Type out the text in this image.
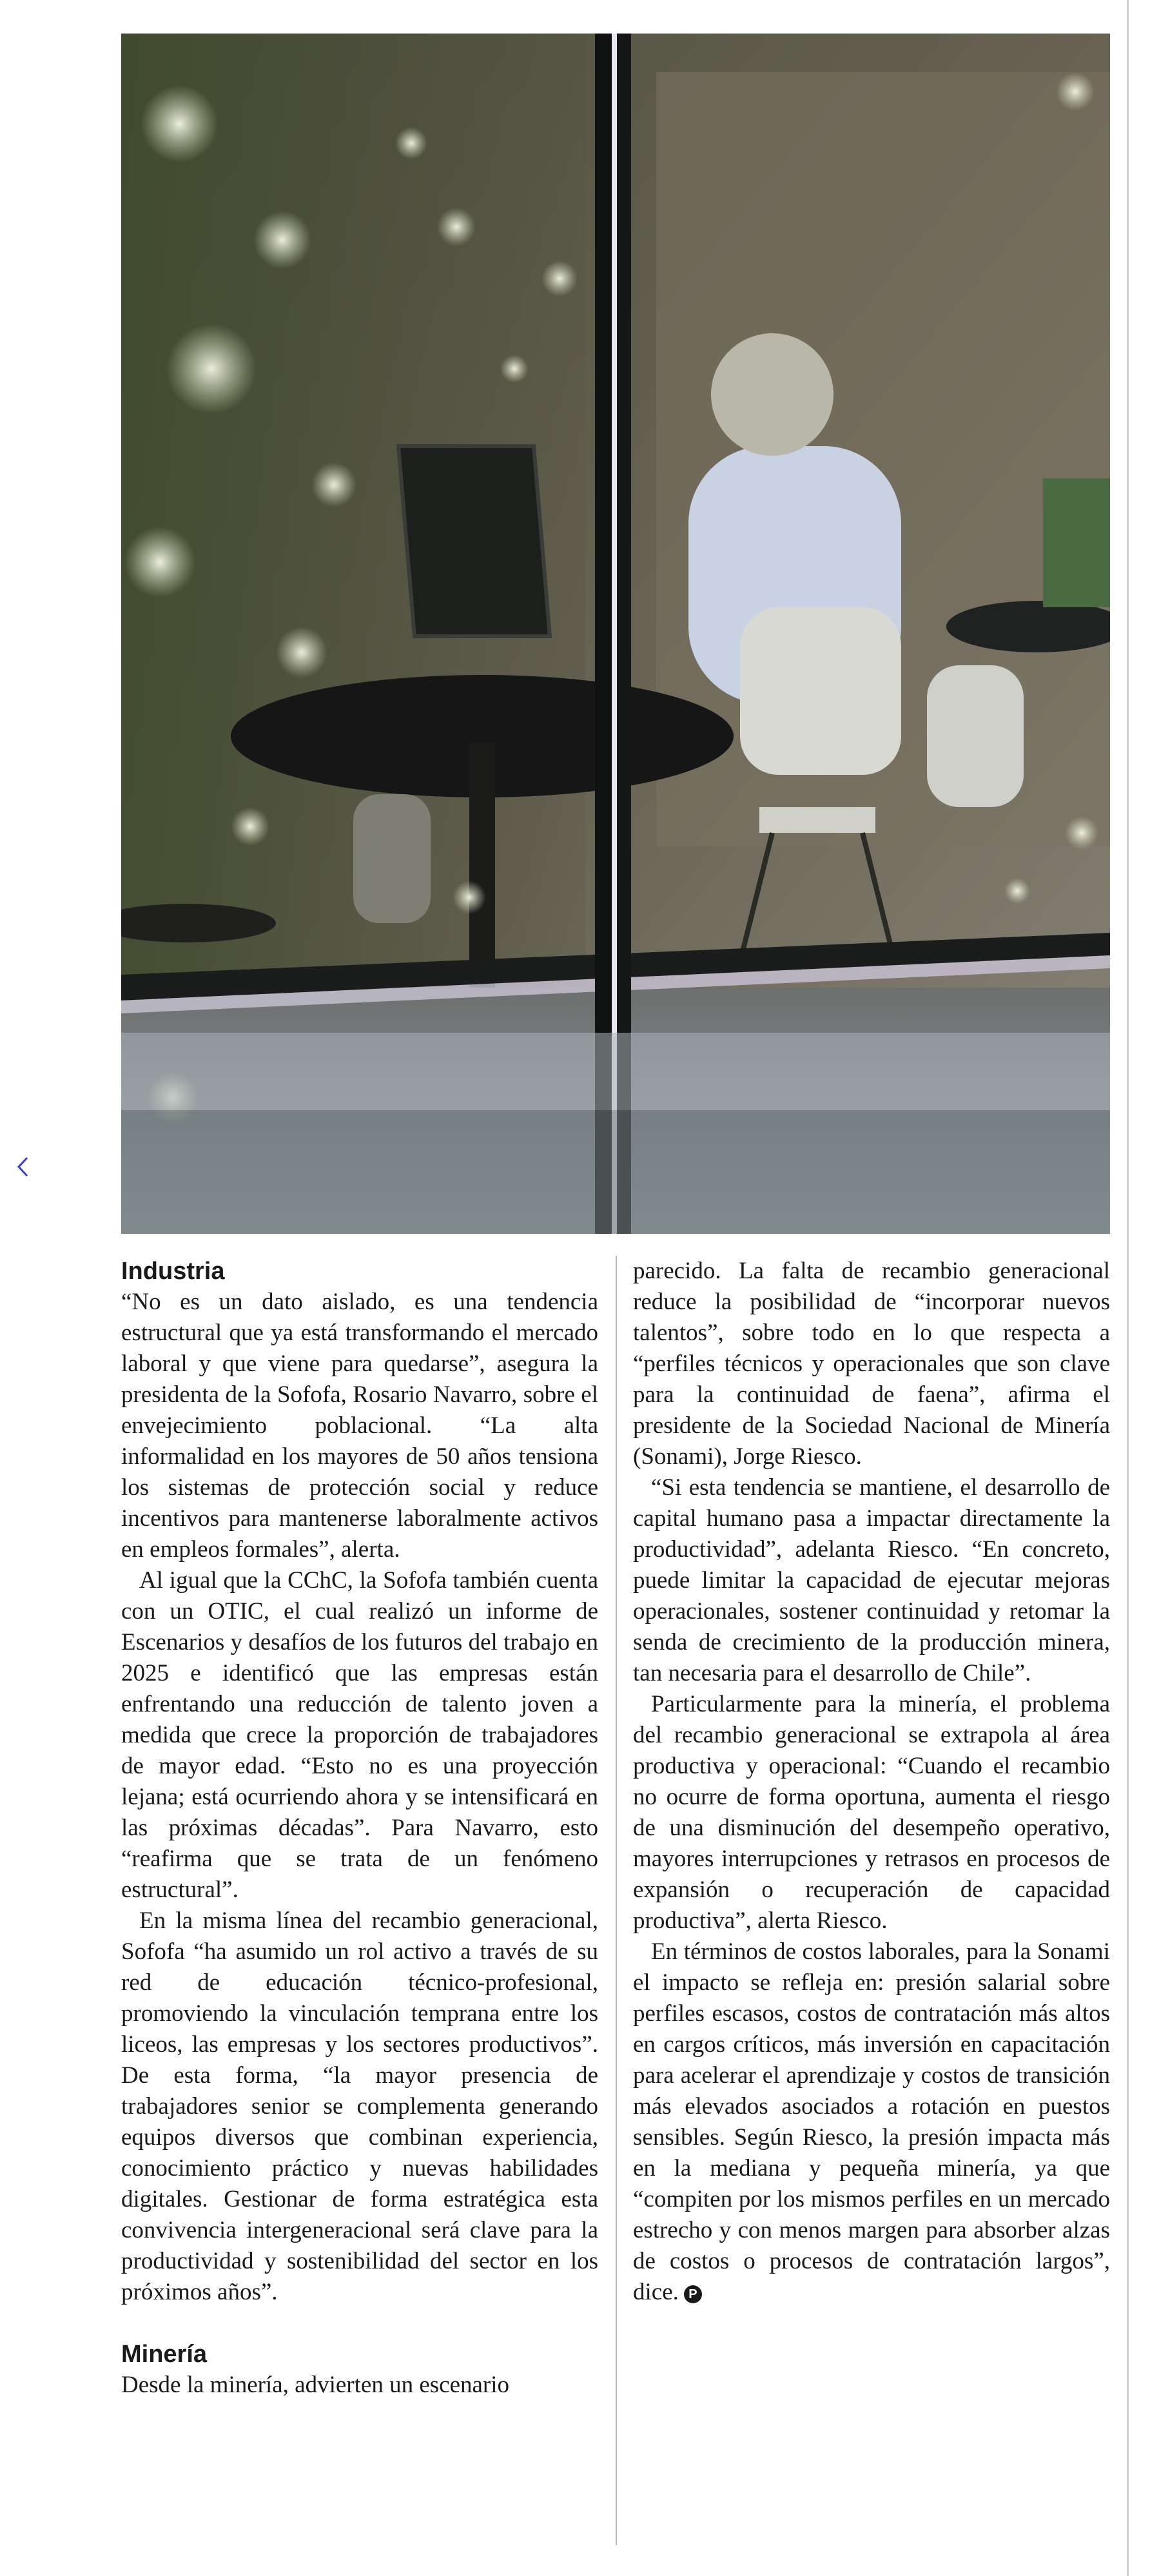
Industria

“No es un dato aislado, es una tendencia estructural que ya está transformando el mercado laboral y que viene para quedarse”, asegura la presidenta de la Sofofa, Rosario Navarro, sobre el envejecimiento poblacional. “La alta informalidad en los mayores de 50 años tensiona los sistemas de protección social y reduce incentivos para mantenerse laboralmente activos en empleos formales”, alerta.

Al igual que la CChC, la Sofofa también cuenta con un OTIC, el cual realizó un informe de Escenarios y desafíos de los futuros del trabajo en 2025 e identificó que las empresas están enfrentando una reducción de talento joven a medida que crece la proporción de trabajadores de mayor edad. “Esto no es una proyección lejana; está ocurriendo ahora y se intensificará en las próximas décadas”. Para Navarro, esto “reafirma que se trata de un fenómeno estructural”.

En la misma línea del recambio generacional, Sofofa “ha asumido un rol activo a través de su red de educación técnico-profesional, promoviendo la vinculación temprana entre los liceos, las empresas y los sectores productivos”. De esta forma, “la mayor presencia de trabajadores senior se complementa generando equipos diversos que combinan experiencia, conocimiento práctico y nuevas habilidades digitales. Gestionar de forma estratégica esta convivencia intergeneracional será clave para la productividad y sostenibilidad del sector en los próximos años”.

Minería

Desde la minería, advierten un escenario

parecido. La falta de recambio generacional reduce la posibilidad de “incorporar nuevos talentos”, sobre todo en lo que respecta a “perfiles técnicos y operacionales que son clave para la continuidad de faena”, afirma el presidente de la Sociedad Nacional de Minería (Sonami), Jorge Riesco.

“Si esta tendencia se mantiene, el desarrollo de capital humano pasa a impactar directamente la productividad”, adelanta Riesco. “En concreto, puede limitar la capacidad de ejecutar mejoras operacionales, sostener continuidad y retomar la senda de crecimiento de la producción minera, tan necesaria para el desarrollo de Chile”.

Particularmente para la minería, el problema del recambio generacional se extrapola al área productiva y operacional: “Cuando el recambio no ocurre de forma oportuna, aumenta el riesgo de una disminución del desempeño operativo, mayores interrupciones y retrasos en procesos de expansión o recuperación de capacidad productiva”, alerta Riesco.

En términos de costos laborales, para la Sonami el impacto se refleja en: presión salarial sobre perfiles escasos, costos de contratación más altos en cargos críticos, más inversión en capacitación para acelerar el aprendizaje y costos de transición más elevados asociados a rotación en puestos sensibles. Según Riesco, la presión impacta más en la mediana y pequeña minería, ya que “compiten por los mismos perfiles en un mercado estrecho y con menos margen para absorber alzas de costos o procesos de contratación largos”, dice. P
